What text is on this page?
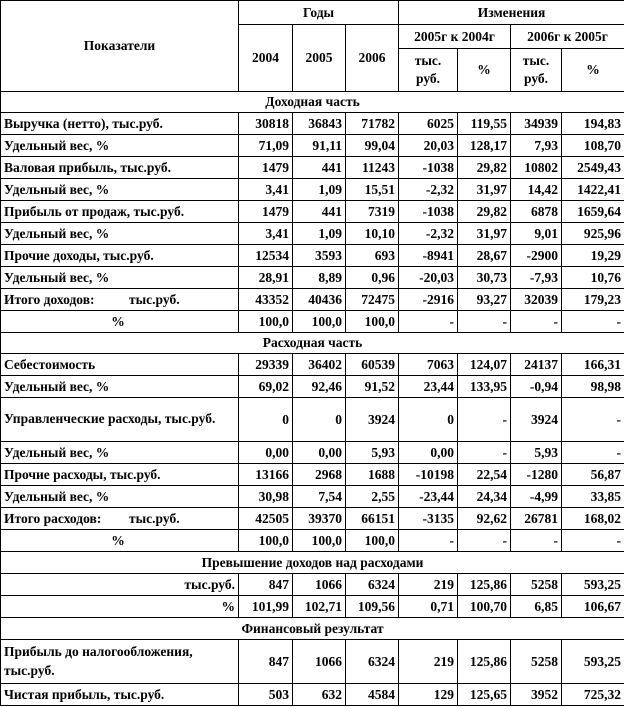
Показатели	Годы			Изменения			
	2004	2005	2006	2005г к 2004г		2006г к 2005г	
				тыс. руб.	%	тыс. руб.	%
Доходная часть							
Выручка (нетто), тыс.руб.	30818	36843	71782	6025	119,55	34939	194,83
Удельный вес, %	71,09	91,11	99,04	20,03	128,17	7,93	108,70
Валовая прибыль, тыс.руб.	1479	441	11243	-1038	29,82	10802	2549,43
Удельный вес, %	3,41	1,09	15,51	-2,32	31,97	14,42	1422,41
Прибыль от продаж, тыс.руб.	1479	441	7319	-1038	29,82	6878	1659,64
Удельный вес, %	3,41	1,09	10,10	-2,32	31,97	9,01	925,96
Прочие доходы, тыс.руб.	12534	3593	693	-8941	28,67	-2900	19,29
Удельный вес, %	28,91	8,89	0,96	-20,03	30,73	-7,93	10,76
Итого доходов: тыс.руб.	43352	40436	72475	-2916	93,27	32039	179,23
%	100,0	100,0	100,0	-	-	-	-
Расходная часть							
Себестоимость	29339	36402	60539	7063	124,07	24137	166,31
Удельный вес, %	69,02	92,46	91,52	23,44	133,95	-0,94	98,98
Управленческие расходы, тыс.руб.	0	0	3924	0	-	3924	-
Удельный вес, %	0,00	0,00	5,93	0,00	-	5,93	-
Прочие расходы, тыс.руб.	13166	2968	1688	-10198	22,54	-1280	56,87
Удельный вес, %	30,98	7,54	2,55	-23,44	24,34	-4,99	33,85
Итого расходов: тыс.руб.	42505	39370	66151	-3135	92,62	26781	168,02
%	100,0	100,0	100,0	-	-	-	-
Превышение доходов над расходами							
тыс.руб.	847	1066	6324	219	125,86	5258	593,25
%	101,99	102,71	109,56	0,71	100,70	6,85	106,67
Финансовый результат							
Прибыль до налогообложения, тыс.руб.	847	1066	6324	219	125,86	5258	593,25
Чистая прибыль, тыс.руб.	503	632	4584	129	125,65	3952	725,32
